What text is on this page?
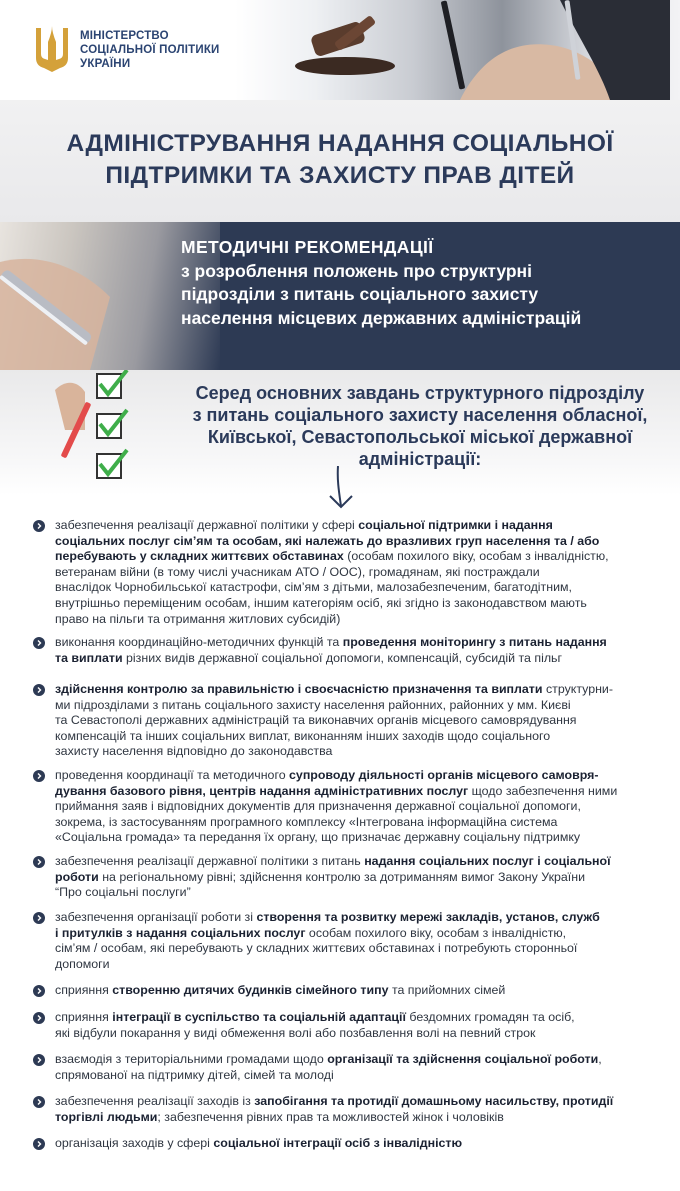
МІНІСТЕРСТВО
СОЦІАЛЬНОЇ ПОЛІТИКИ
УКРАЇНИ
АДМІНІСТРУВАННЯ НАДАННЯ СОЦІАЛЬНОЇ
ПІДТРИМКИ ТА ЗАХИСТУ ПРАВ ДІТЕЙ
МЕТОДИЧНІ РЕКОМЕНДАЦІЇ
з розроблення положень про структурні
підрозділи з питань соціального захисту
населення місцевих державних адміністрацій
Серед основних завдань структурного підрозділу
з питань соціального захисту населення обласної,
Київської, Севастопольської міської державної
адміністрації:
забезпечення реалізації державної політики у сфері соціальної підтримки і надання
соціальних послуг сім’ям та особам, які належать до вразливих груп населення та / або
перебувають у складних життєвих обставинах (особам похилого віку, особам з інвалідністю,
ветеранам війни (в тому числі учасникам АТО / ООС), громадянам, які постраждали
внаслідок Чорнобильської катастрофи, сім’ям з дітьми, малозабезпеченим, багатодітним,
внутрішньо переміщеним особам, іншим категоріям осіб, які згідно із законодавством мають
право на пільги та отримання житлових субсидій)
виконання координаційно-методичних функцій та проведення моніторингу з питань надання
та виплати різних видів державної соціальної допомоги, компенсацій, субсидій та пільг
здійснення контролю за правильністю і своєчасністю призначення та виплати структурни-
ми підрозділами з питань соціального захисту населення районних, районних у мм. Києві
та Севастополі державних адміністрацій та виконавчих органів місцевого самоврядування
компенсацій та інших соціальних виплат, виконанням інших заходів щодо соціального
захисту населення відповідно до законодавства
проведення координації та методичного супроводу діяльності органів місцевого самовря-
дування базового рівня, центрів надання адміністративних послуг щодо забезпечення ними
приймання заяв і відповідних документів для призначення державної соціальної допомоги,
зокрема, із застосуванням програмного комплексу «Інтегрована інформаційна система
«Соціальна громада» та передання їх органу, що призначає державну соціальну підтримку
забезпечення реалізації державної політики з питань надання соціальних послуг і соціальної
роботи на регіональному рівні; здійснення контролю за дотриманням вимог Закону України
“Про соціальні послуги”
забезпечення організації роботи зі створення та розвитку мережі закладів, установ, служб
і притулків з надання соціальних послуг особам похилого віку, особам з інвалідністю,
сім’ям / особам, які перебувають у складних життєвих обставинах і потребують сторонньої
допомоги
сприяння створенню дитячих будинків сімейного типу та прийомних сімей
сприяння інтеграції в суспільство та соціальній адаптації бездомних громадян та осіб,
які відбули покарання у виді обмеження волі або позбавлення волі на певний строк
взаємодія з територіальними громадами щодо організації та здійснення соціальної роботи,
спрямованої на підтримку дітей, сімей та молоді
забезпечення реалізації заходів із запобігання та протидії домашньому насильству, протидії
торгівлі людьми; забезпечення рівних прав та можливостей жінок і чоловіків
організація заходів у сфері соціальної інтеграції осіб з інвалідністю
